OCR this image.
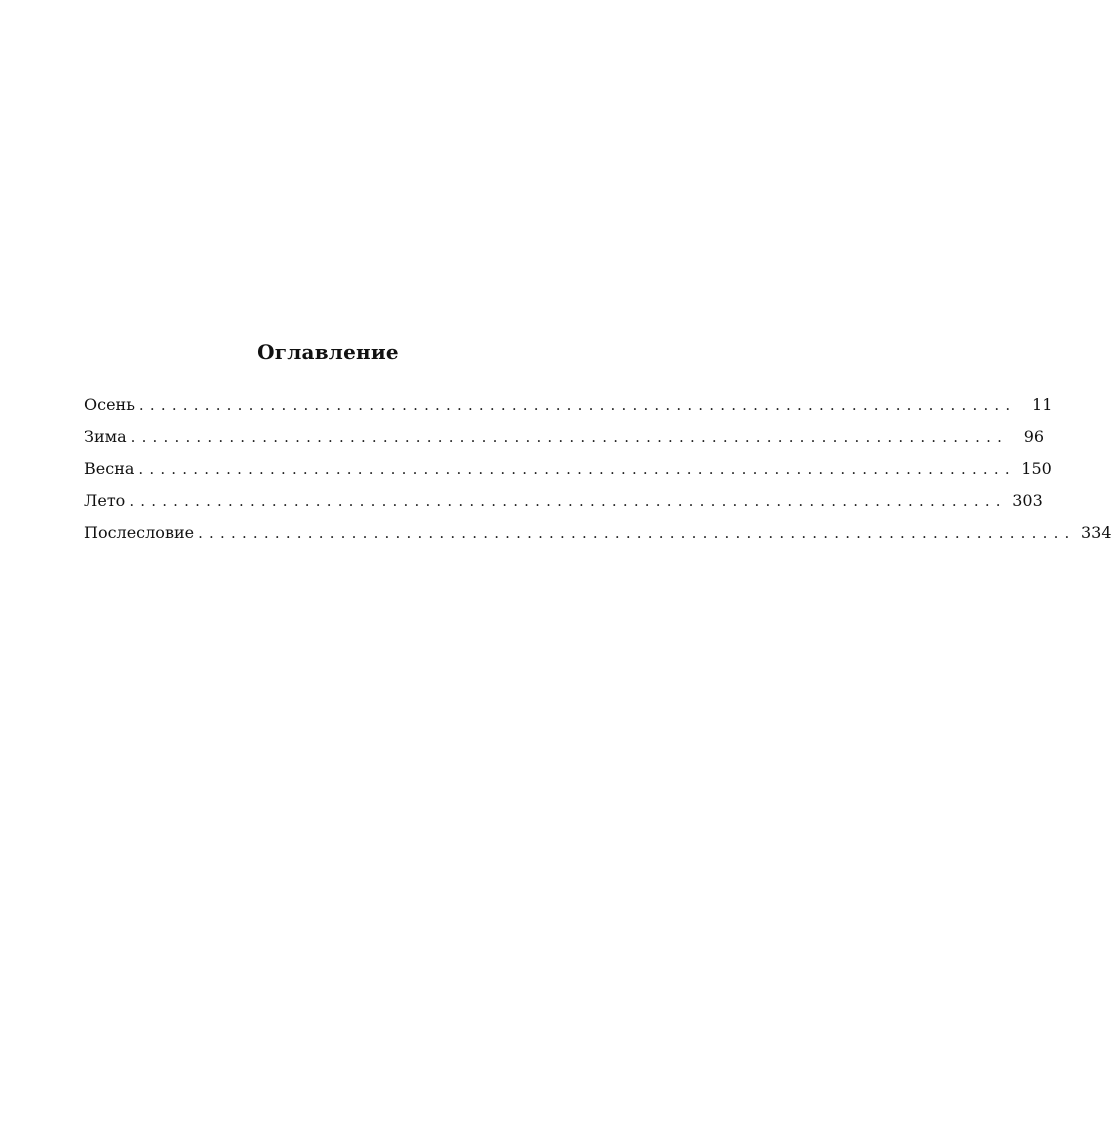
Оглавление
Осень ................................................................................ 11
Зима ................................................................................ 96
Весна ................................................................................ 150
Лето ................................................................................ 303
Послесловие ................................................................................ 334
